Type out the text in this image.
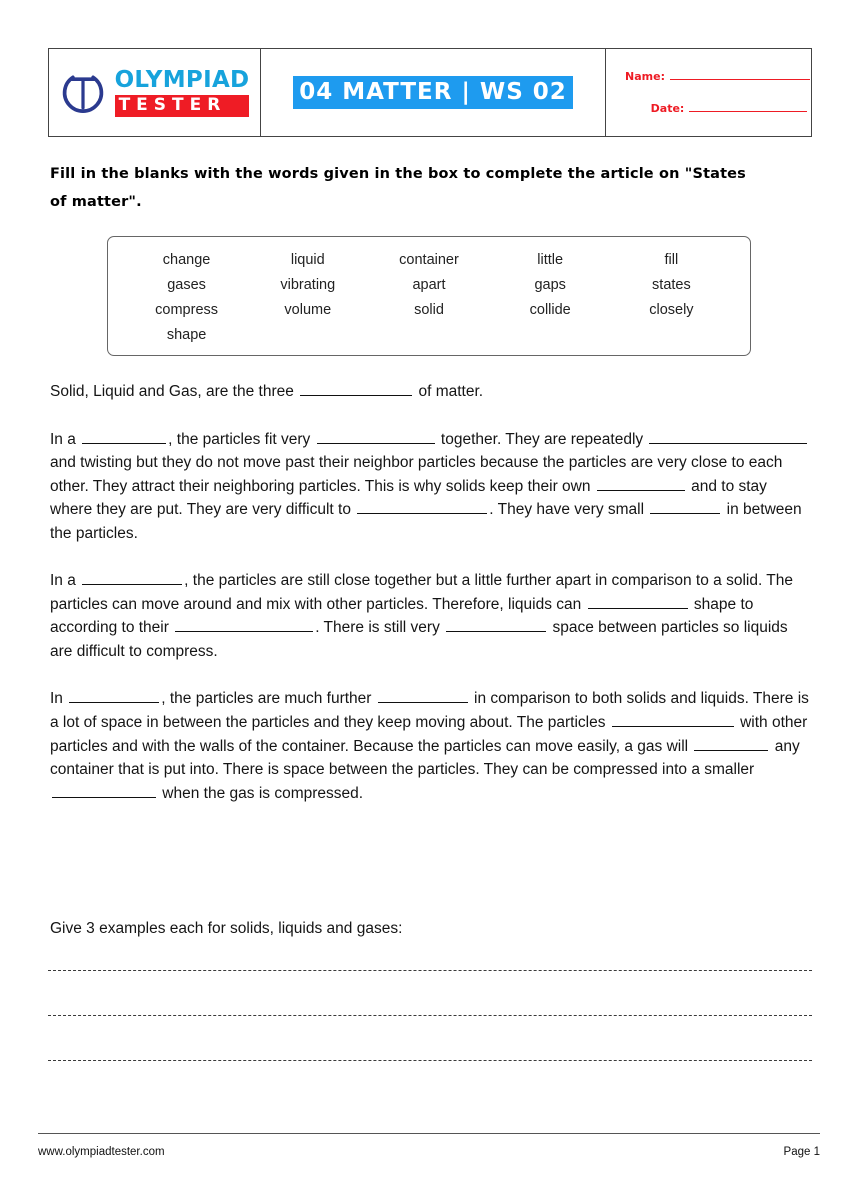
OLYMPIAD
TESTER	04 MATTER | WS 02
Name:
Date:
Fill in the blanks with the words given in the box to complete the article on "States of matter".
change	liquid	container	little	fill
gases	vibrating	apart	gaps	states
compress	volume	solid	collide	closely
shape

Solid, Liquid and Gas, are the three	of matter.

In a	, the particles fit very	together. They are repeatedly  and twisting but they do not move past their neighbor particles because the particles are very close to each other. They attract their neighboring particles. This is why solids keep their own	and to stay where they are put. They are very difficult to	. They have very small	in between the particles.

In a	, the particles are still close together but a little further apart in comparison to a solid. The particles can move around and mix with other particles. Therefore, liquids can	shape to according to their	. There is still very	space between particles so liquids are difficult to compress.

In	, the particles are much further	in comparison to both solids and liquids. There is a lot of space in between the particles and they keep moving about. The particles	with other particles and with the walls of the container. Because the particles can move easily, a gas will	any container that is put into. There is space between the particles. They can be compressed into a smaller  when the gas is compressed.

Give 3 examples each for solids, liquids and gases:
www.olympiadtester.com	Page 1
